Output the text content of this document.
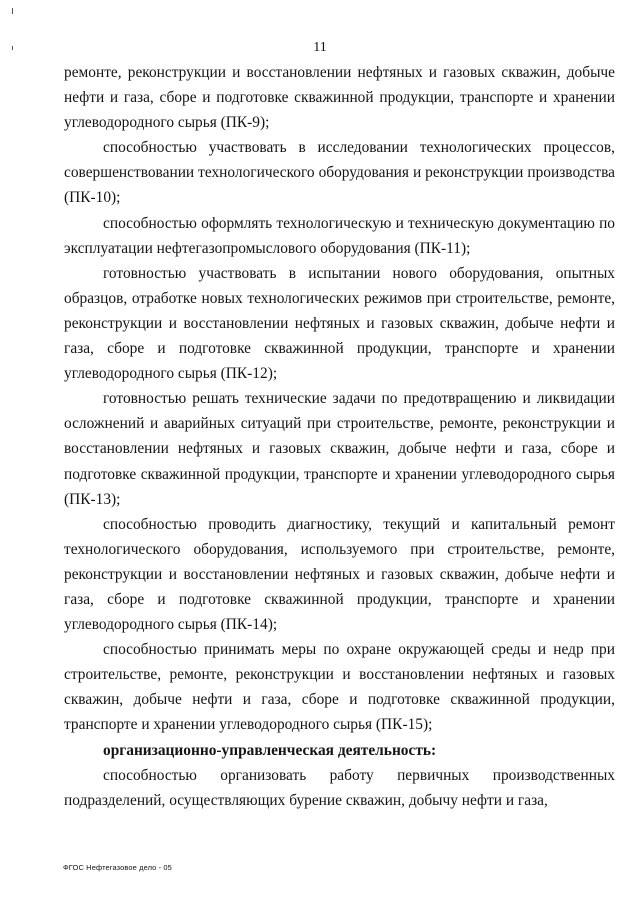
11

ремонте, реконструкции и восстановлении нефтяных и газовых скважин, добыче нефти и газа, сборе и подготовке скважинной продукции, транспорте и хранении углеводородного сырья (ПК-9);

способностью участвовать в исследовании технологических процессов, совершенствовании технологического оборудования и реконструкции производства (ПК-10);

способностью оформлять технологическую и техническую документацию по эксплуатации нефтегазопромыслового оборудования (ПК-11);

готовностью участвовать в испытании нового оборудования, опытных образцов, отработке новых технологических режимов при строительстве, ремонте, реконструкции и восстановлении нефтяных и газовых скважин, добыче нефти и газа, сборе и подготовке скважинной продукции, транспорте и хранении углеводородного сырья (ПК-12);

готовностью решать технические задачи по предотвращению и ликвидации осложнений и аварийных ситуаций при строительстве, ремонте, реконструкции и восстановлении нефтяных и газовых скважин, добыче нефти и газа, сборе и подготовке скважинной продукции, транспорте и хранении углеводородного сырья (ПК-13);

способностью проводить диагностику, текущий и капитальный ремонт технологического оборудования, используемого при строительстве, ремонте, реконструкции и восстановлении нефтяных и газовых скважин, добыче нефти и газа, сборе и подготовке скважинной продукции, транспорте и хранении углеводородного сырья (ПК-14);

способностью принимать меры по охране окружающей среды и недр при строительстве, ремонте, реконструкции и восстановлении нефтяных и газовых скважин, добыче нефти и газа, сборе и подготовке скважинной продукции, транспорте и хранении углеводородного сырья (ПК-15);

организационно-управленческая деятельность:

способностью организовать работу первичных производственных подразделений, осуществляющих бурение скважин, добычу нефти и газа,

ФГОС Нефтегазовое дело - 05
